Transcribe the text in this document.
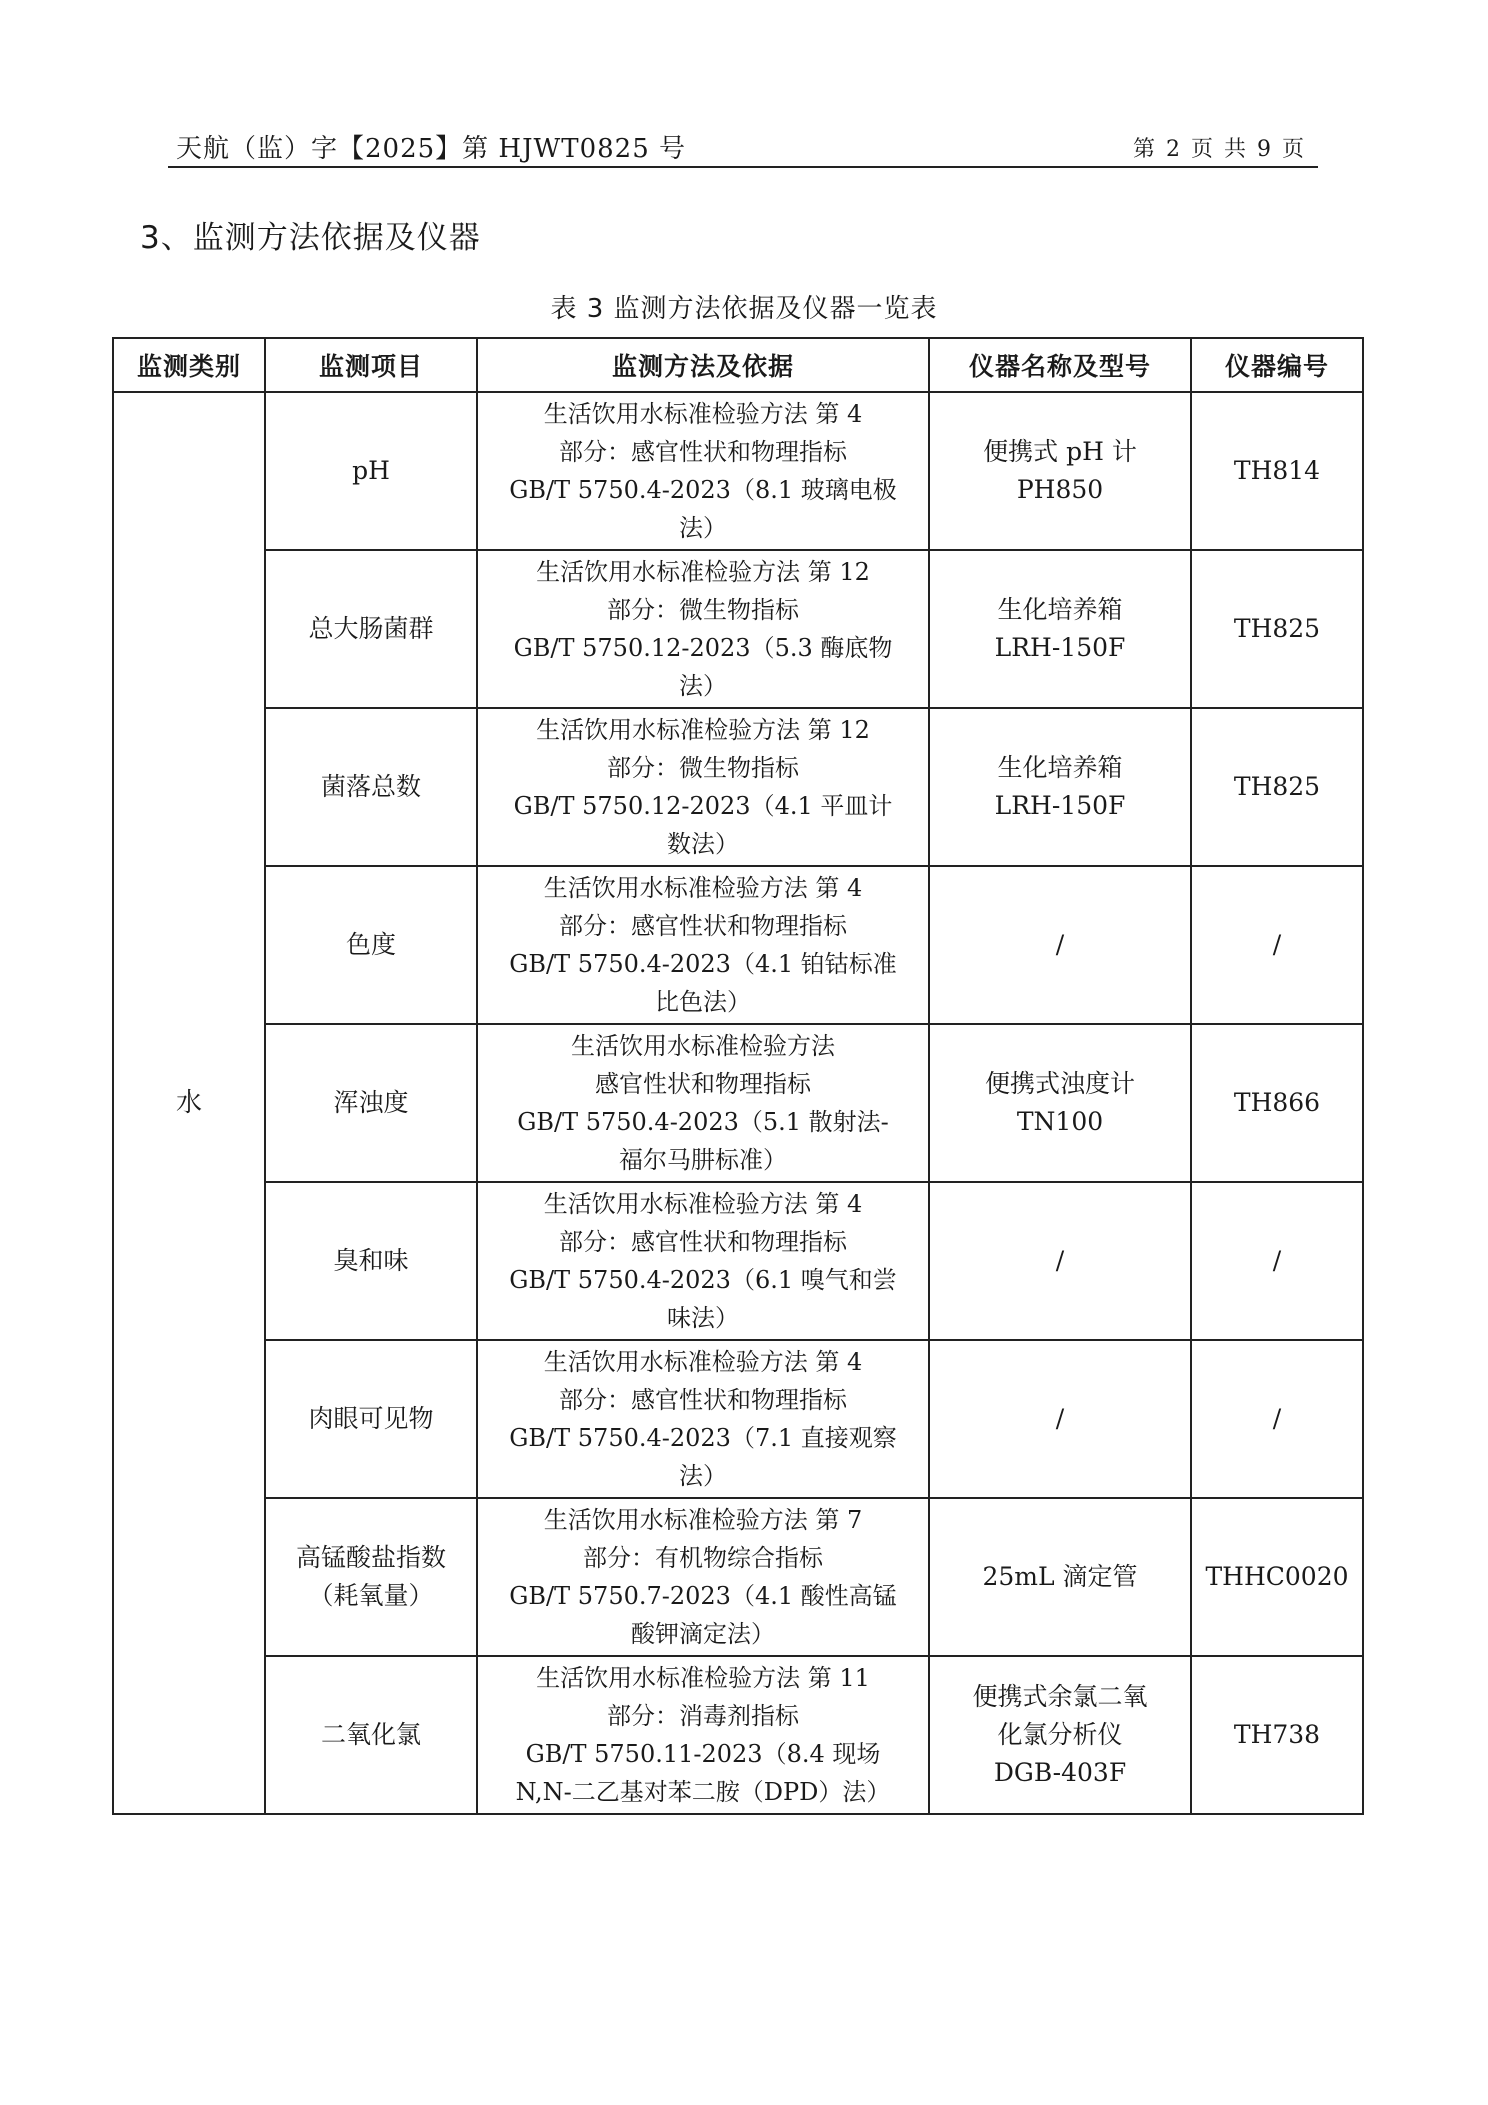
天航（监）字【2025】第 HJWT0825 号	第 2 页 共 9 页
3、监测方法依据及仪器
表 3 监测方法依据及仪器一览表
监测类别	监测项目	监测方法及依据	仪器名称及型号	仪器编号
水	pH	生活饮用水标准检验方法 第 4
部分：感官性状和物理指标
GB/T 5750.4-2023（8.1 玻璃电极
法）	便携式 pH 计
PH850	TH814

	总大肠菌群	生活饮用水标准检验方法 第 12
部分：微生物指标
GB/T 5750.12-2023（5.3 酶底物
法）	生化培养箱
LRH-150F	TH825

	菌落总数	生活饮用水标准检验方法 第 12
部分：微生物指标
GB/T 5750.12-2023（4.1 平皿计
数法）	生化培养箱
LRH-150F	TH825

	色度	生活饮用水标准检验方法 第 4
部分：感官性状和物理指标
GB/T 5750.4-2023（4.1 铂钴标准
比色法）	/	/

	浑浊度	生活饮用水标准检验方法
感官性状和物理指标
GB/T 5750.4-2023（5.1 散射法-
福尔马肼标准）	便携式浊度计
TN100	TH866

	臭和味	生活饮用水标准检验方法 第 4
部分：感官性状和物理指标
GB/T 5750.4-2023（6.1 嗅气和尝
味法）	/	/

	肉眼可见物	生活饮用水标准检验方法 第 4
部分：感官性状和物理指标
GB/T 5750.4-2023（7.1 直接观察
法）	/	/

	高锰酸盐指数
（耗氧量）	生活饮用水标准检验方法 第 7
部分：有机物综合指标
GB/T 5750.7-2023（4.1 酸性高锰
酸钾滴定法）	25mL 滴定管	THHC0020

	二氧化氯	生活饮用水标准检验方法 第 11
部分：消毒剂指标
GB/T 5750.11-2023（8.4 现场
N,N-二乙基对苯二胺（DPD）法）	便携式余氯二氧
化氯分析仪
DGB-403F	TH738
